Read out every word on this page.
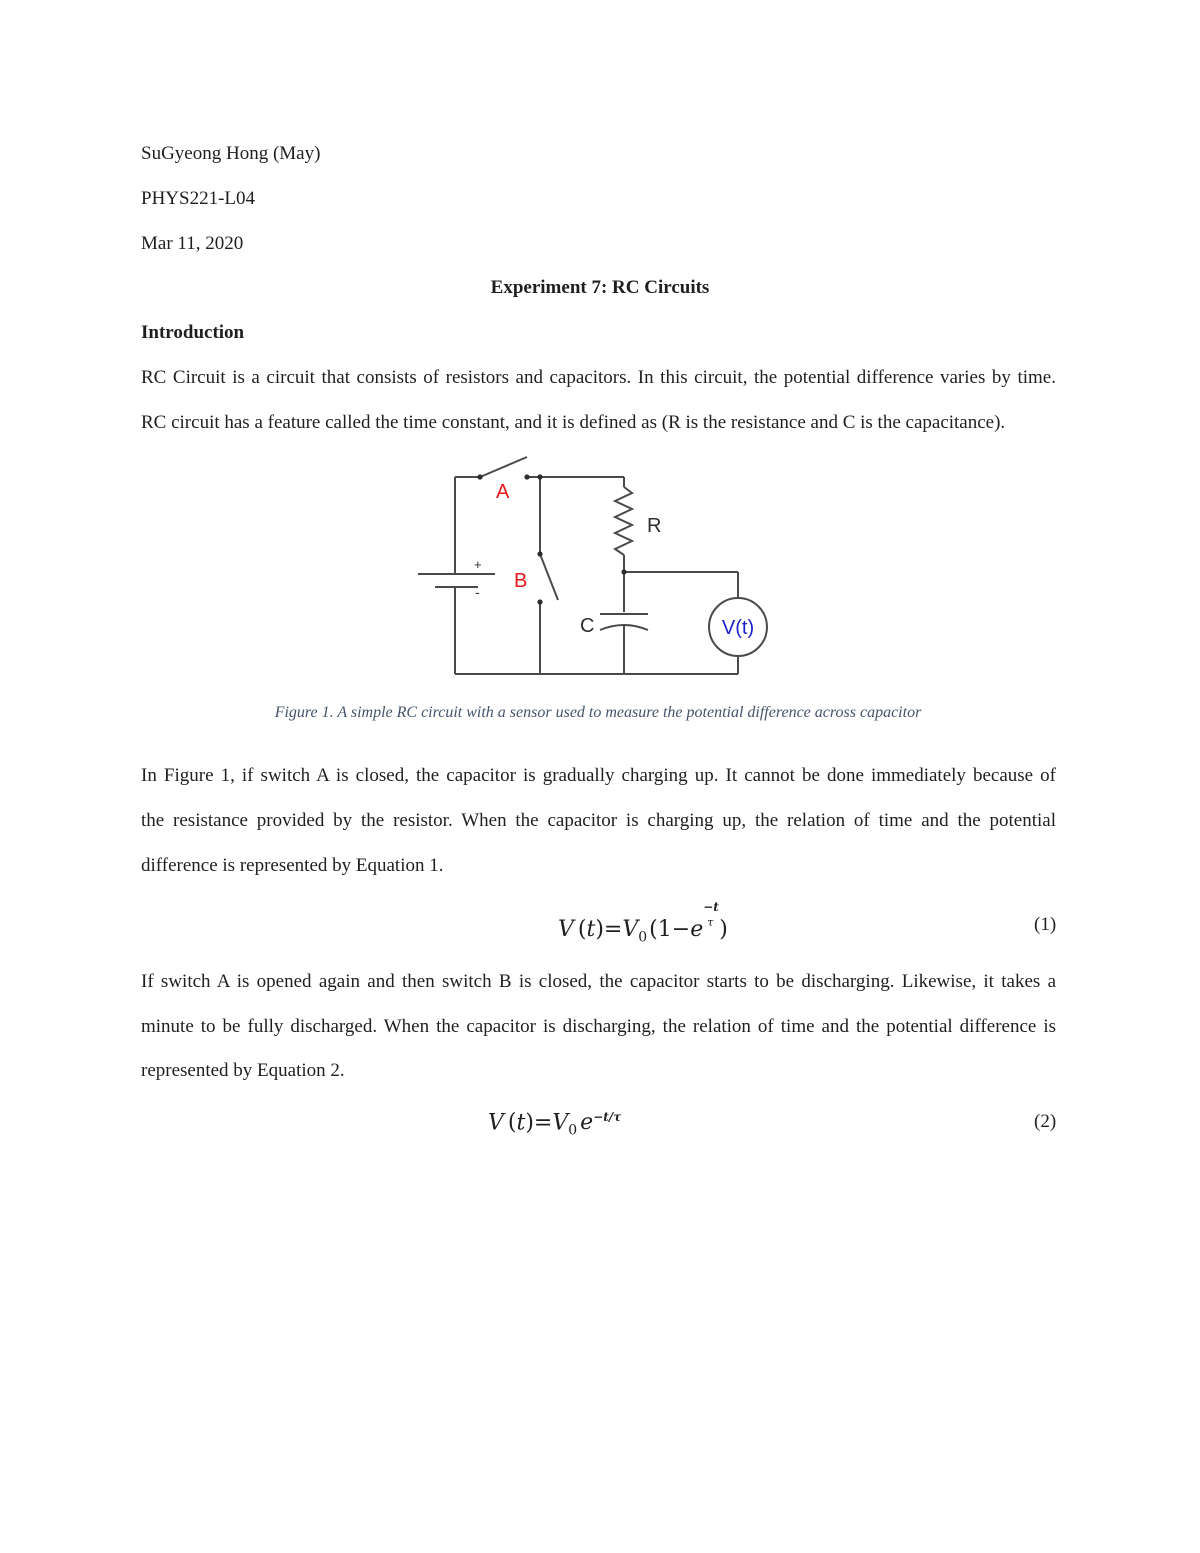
SuGyeong Hong (May)
PHYS221-L04
Mar 11, 2020
Experiment 7: RC Circuits
Introduction
RC Circuit is a circuit that consists of resistors and capacitors. In this circuit, the potential difference varies by time.
RC circuit has a feature called the time constant, and it is defined as (R is the resistance and C is the capacitance).
+
-
A
B
R
C	V(t)
Figure 1. A simple RC circuit with a sensor used to measure the potential difference across capacitor
In Figure 1, if switch A is closed, the capacitor is gradually charging up. It cannot be done immediately because of
the resistance provided by the resistor. When the capacitor is charging up, the relation of time and the potential
difference is represented by Equation 1.
V $(t)=V_0(1-e$
−t
τ )	(1)
If switch A is opened again and then switch B is closed, the capacitor starts to be discharging. Likewise, it takes a
minute to be fully discharged. When the capacitor is discharging, the relation of time and the potential difference is
represented by Equation 2.
V $(t)=V_0$ $e^{-t/\tau}$	(2)
